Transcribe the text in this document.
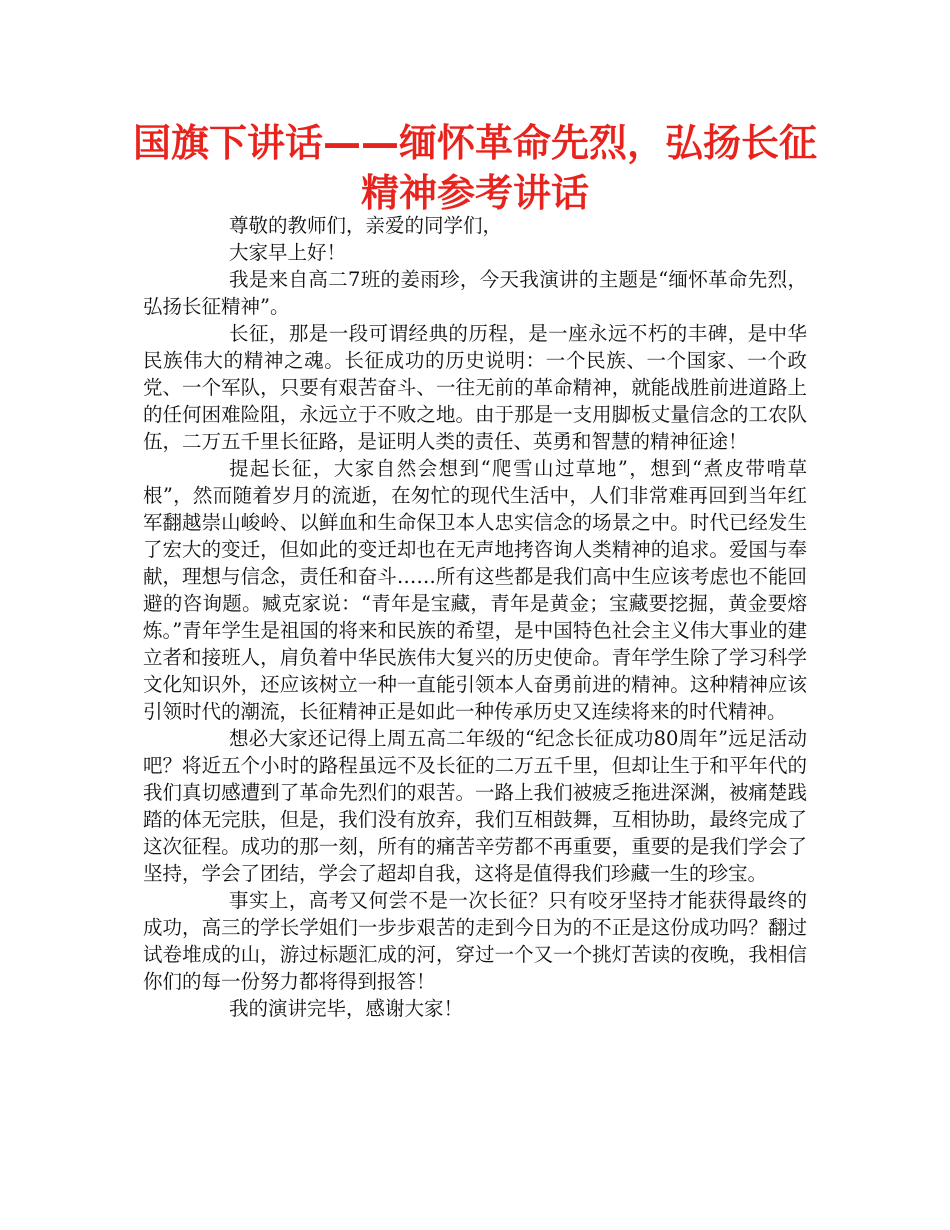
国旗下讲话——缅怀革命先烈，弘扬长征精神参考讲话

尊敬的教师们，亲爱的同学们，

大家早上好！

我是来自高二7班的姜雨珍，今天我演讲的主题是“缅怀革命先烈，弘扬长征精神”。

长征，那是一段可谓经典的历程，是一座永远不朽的丰碑，是中华民族伟大的精神之魂。长征成功的历史说明：一个民族、一个国家、一个政党、一个军队，只要有艰苦奋斗、一往无前的革命精神，就能战胜前进道路上的任何困难险阻，永远立于不败之地。由于那是一支用脚板丈量信念的工农队伍，二万五千里长征路，是证明人类的责任、英勇和智慧的精神征途！

提起长征，大家自然会想到“爬雪山过草地”，想到“煮皮带啃草根”，然而随着岁月的流逝，在匆忙的现代生活中，人们非常难再回到当年红军翻越崇山峻岭、以鲜血和生命保卫本人忠实信念的场景之中。时代已经发生了宏大的变迁，但如此的变迁却也在无声地拷咨询人类精神的追求。爱国与奉献，理想与信念，责任和奋斗……所有这些都是我们高中生应该考虑也不能回避的咨询题。臧克家说：“青年是宝藏，青年是黄金；宝藏要挖掘，黄金要熔炼。”青年学生是祖国的将来和民族的希望，是中国特色社会主义伟大事业的建立者和接班人，肩负着中华民族伟大复兴的历史使命。青年学生除了学习科学文化知识外，还应该树立一种一直能引领本人奋勇前进的精神。这种精神应该引领时代的潮流，长征精神正是如此一种传承历史又连续将来的时代精神。

想必大家还记得上周五高二年级的“纪念长征成功80周年”远足活动吧？将近五个小时的路程虽远不及长征的二万五千里，但却让生于和平年代的我们真切感遭到了革命先烈们的艰苦。一路上我们被疲乏拖进深渊，被痛楚践踏的体无完肤，但是，我们没有放弃，我们互相鼓舞，互相协助，最终完成了这次征程。成功的那一刻，所有的痛苦辛劳都不再重要，重要的是我们学会了坚持，学会了团结，学会了超却自我，这将是值得我们珍藏一生的珍宝。

事实上，高考又何尝不是一次长征？只有咬牙坚持才能获得最终的成功，高三的学长学姐们一步步艰苦的走到今日为的不正是这份成功吗？翻过试卷堆成的山，游过标题汇成的河，穿过一个又一个挑灯苦读的夜晚，我相信你们的每一份努力都将得到报答！

我的演讲完毕，感谢大家！
